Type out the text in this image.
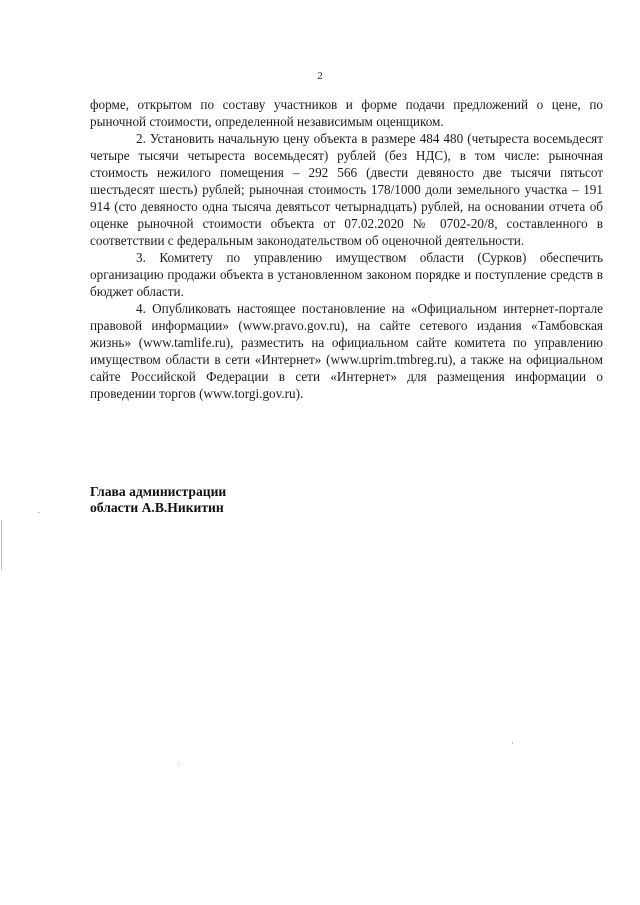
2

форме, открытом по составу участников и форме подачи предложений о цене, по рыночной стоимости, определенной независимым оценщиком.

2. Установить начальную цену объекта в размере 484 480 (четыреста восемьдесят четыре тысячи четыреста восемьдесят) рублей (без НДС), в том числе: рыночная стоимость нежилого помещения – 292 566 (двести девяносто две тысячи пятьсот шестьдесят шесть) рублей; рыночная стоимость 178/1000 доли земельного участка – 191 914 (сто девяносто одна тысяча девятьсот четырнадцать) рублей, на основании отчета об оценке рыночной стоимости объекта от 07.02.2020 № 0702-20/8, составленного в соответствии с федеральным законодательством об оценочной деятельности.

3. Комитету по управлению имуществом области (Сурков) обеспечить организацию продажи объекта в установленном законом порядке и поступление средств в бюджет области.

4. Опубликовать настоящее постановление на «Официальном интернет-портале правовой информации» (www.pravo.gov.ru), на сайте сетевого издания «Тамбовская жизнь» (www.tamlife.ru), разместить на официальном сайте комитета по управлению имуществом области в сети «Интернет» (www.uprim.tmbreg.ru), а также на официальном сайте Российской Федерации в сети «Интернет» для размещения информации о проведении торгов (www.torgi.gov.ru).

Глава администрации
области А.В.Никитин
